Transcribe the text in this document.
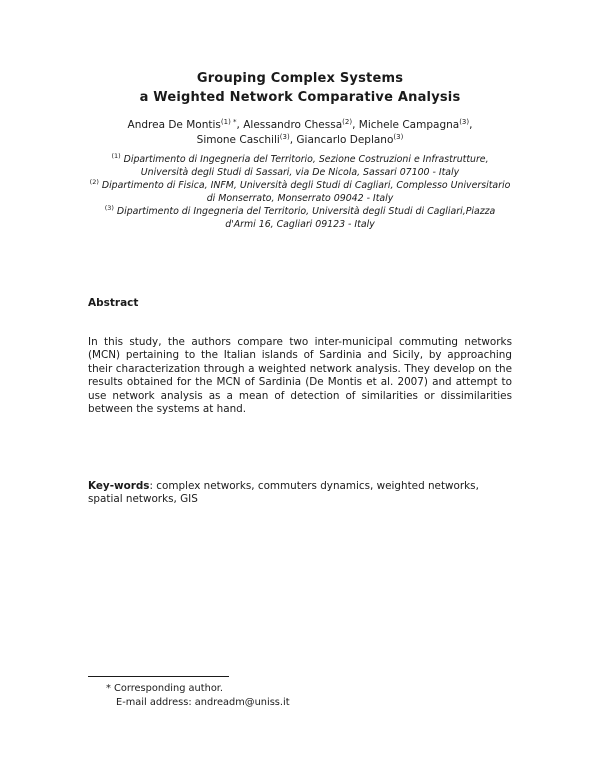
Grouping Complex Systems
a Weighted Network Comparative Analysis
Andrea De Montis$^{(1) *}$, Alessandro Chessa$^{(2)}$, Michele Campagna$^{(3)}$,
Simone Caschili$^{(3)}$, Giancarlo Deplano$^{(3)}$
$^{(1)}$ Dipartimento di Ingegneria del Territorio, Sezione Costruzioni e Infrastrutture, Università degli Studi di Sassari, via De Nicola, Sassari 07100 - Italy
$^{(2)}$ Dipartimento di Fisica, INFM, Università degli Studi di Cagliari, Complesso Universitario di Monserrato, Monserrato 09042 - Italy
$^{(3)}$ Dipartimento di Ingegneria del Territorio, Università degli Studi di Cagliari,Piazza d'Armi 16, Cagliari 09123 - Italy
Abstract
In this study, the authors compare two inter-municipal commuting networks (MCN) pertaining to the Italian islands of Sardinia and Sicily, by approaching their characterization through a weighted network analysis. They develop on the results obtained for the MCN of Sardinia (De Montis et al. 2007) and attempt to use network analysis as a mean of detection of similarities or dissimilarities between the systems at hand.
Key-words: complex networks, commuters dynamics, weighted networks, spatial networks, GIS
* Corresponding author.
E-mail address: andreadm@uniss.it
